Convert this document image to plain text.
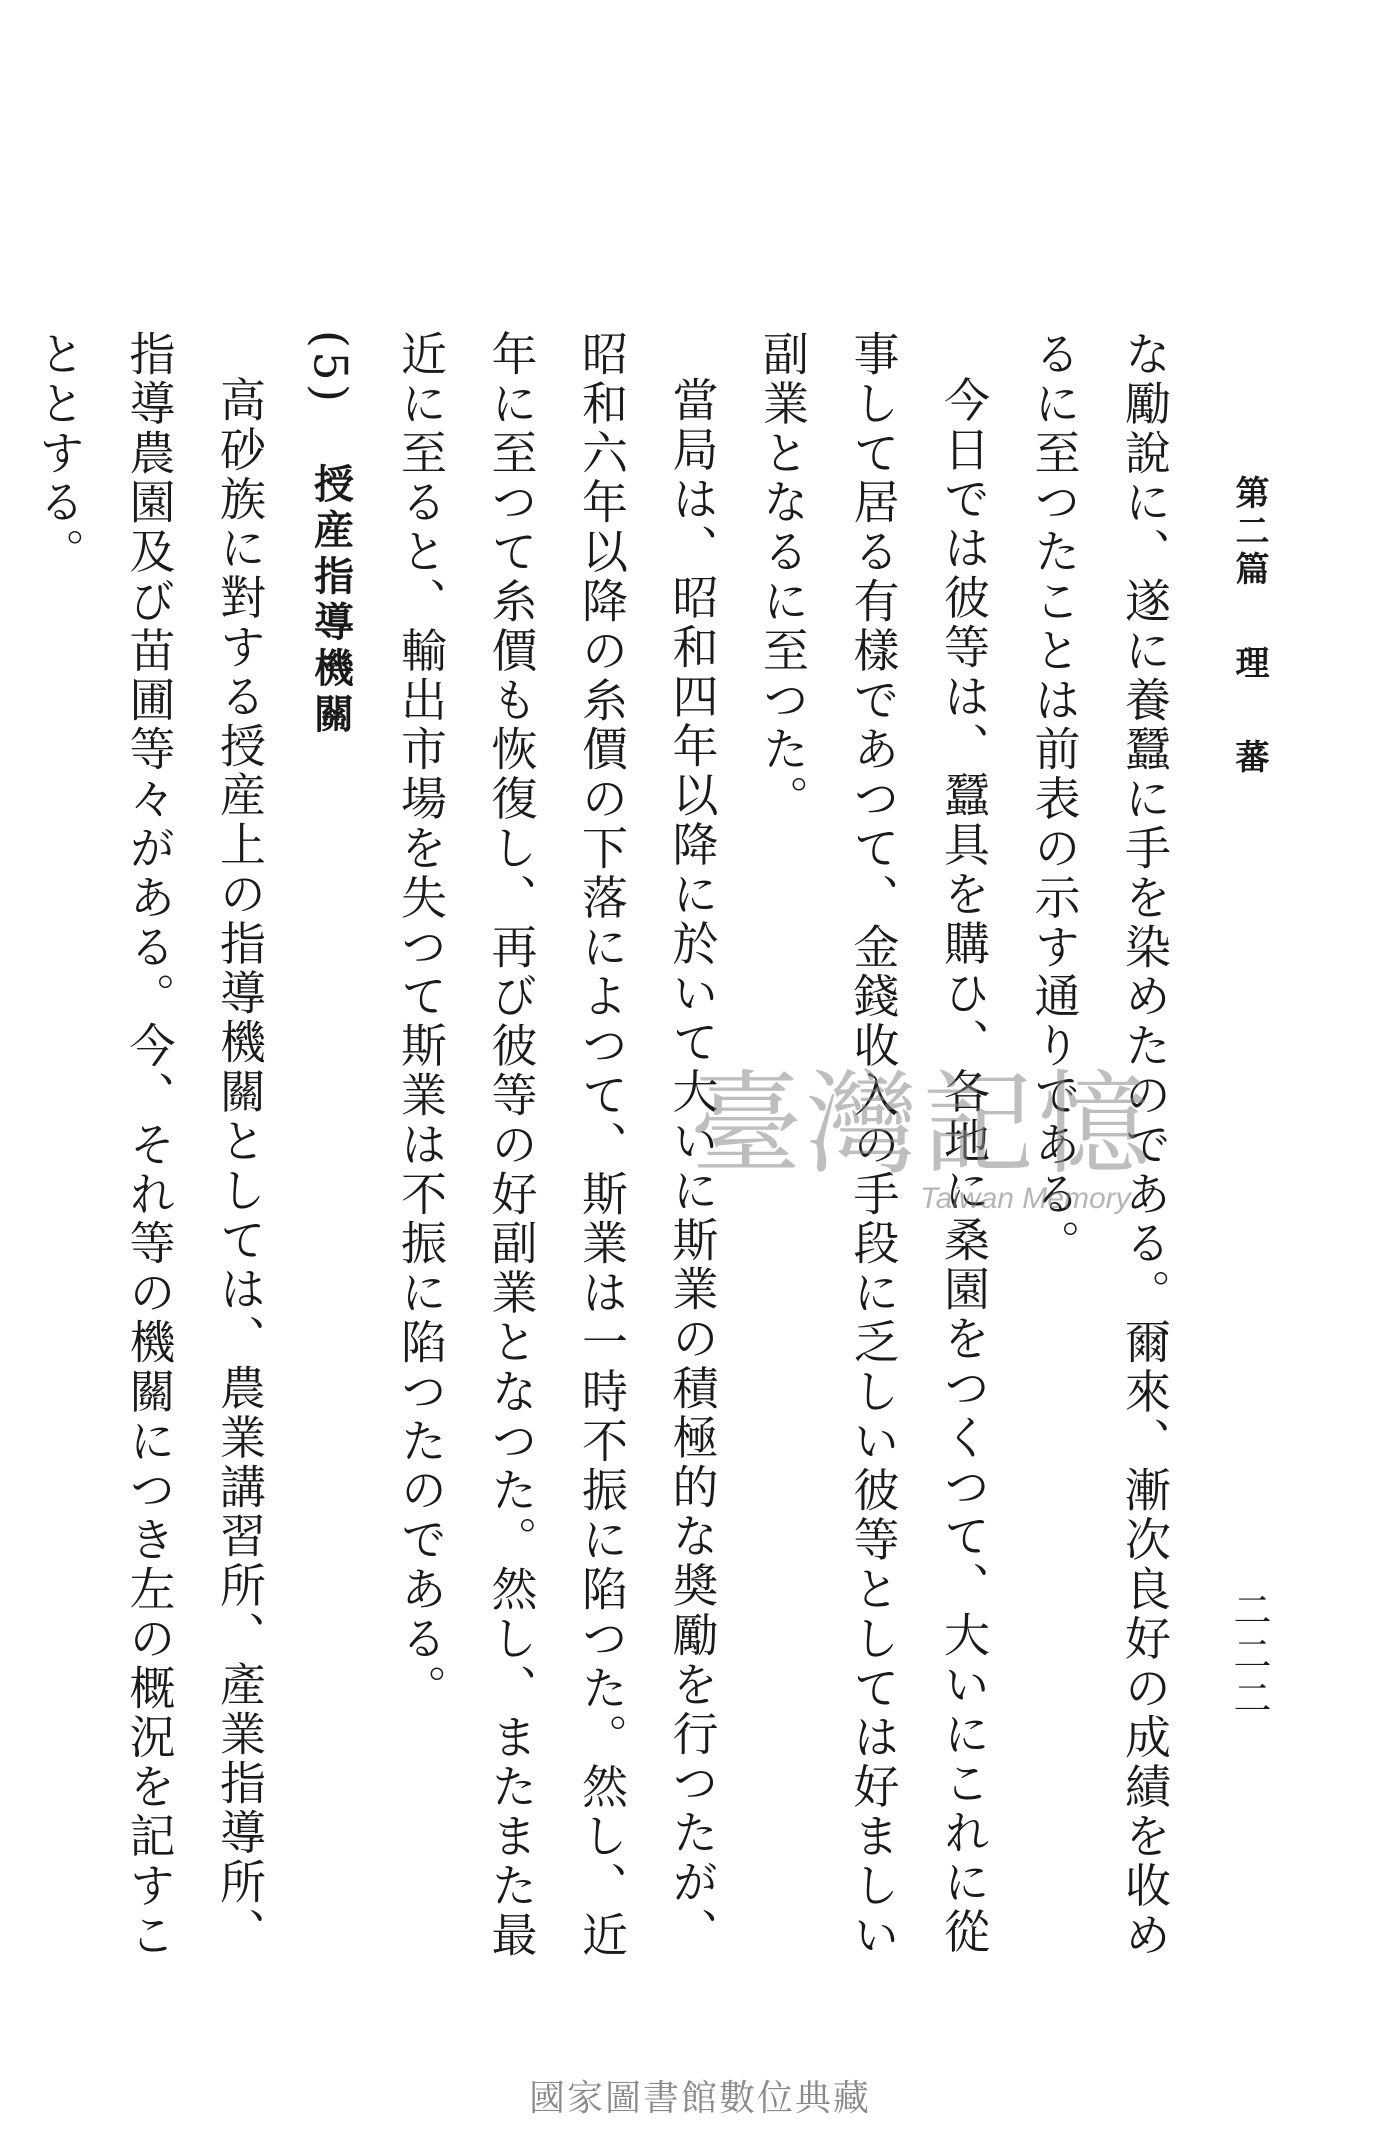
第二篇理蕃
二二二

な勵說に、遂に養蠶に手を染めたのである。爾來、漸次良好の成績を收めるに至つたことは前表の示す通りである。

今日では彼等は、蠶具を購ひ、各地に桑園をつくつて、大いにこれに從事して居る有樣であつて、金錢收入の手段に乏しい彼等としては好ましい副業となるに至つた。

當局は、昭和四年以降に於いて大いに斯業の積極的な奬勵を行つたが、昭和六年以降の糸價の下落によつて、斯業は一時不振に陷つた。然し、近年に至つて糸價も恢復し、再び彼等の好副業となつた。然し、またまた最近に至ると、輸出市場を失つて斯業は不振に陷つたのである。

(5) 授産指導機關

高砂族に對する授産上の指導機關としては、農業講習所、產業指導所、指導農園及び苗圃等々がある。今、それ等の機關につき左の概況を記すこととする。

臺灣記憶
Taiwan Memory
國家圖書館數位典藏
